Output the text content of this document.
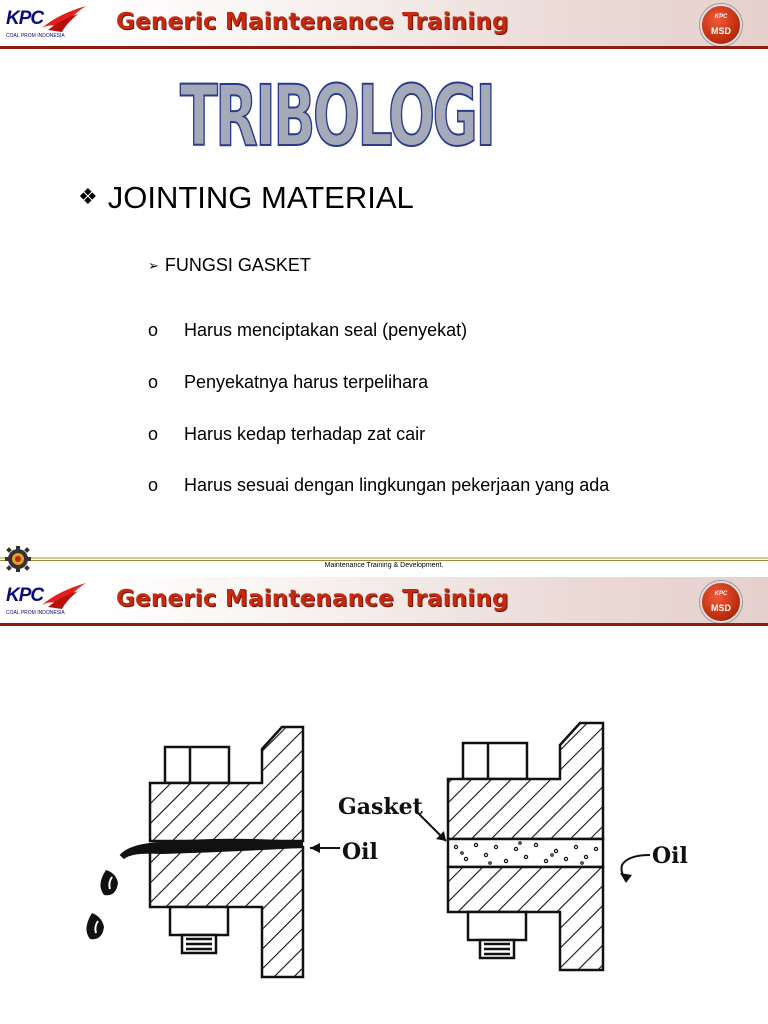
KPC
COAL PROM INDONESIA
Generic Maintenance Training	KPC
MSD
TRIBOLOGI
❖ JOINTING MATERIAL
➢ FUNGSI GASKET
o Harus menciptakan seal (penyekat)
o Penyekatnya harus terpelihara
o Harus kedap terhadap zat cair
o Harus sesuai dengan lingkungan pekerjaan yang ada
Maintenance Training & Development.
KPC
COAL PROM INDONESIA
Generic Maintenance Training	KPC
MSD
Oil
Gasket
Oil
